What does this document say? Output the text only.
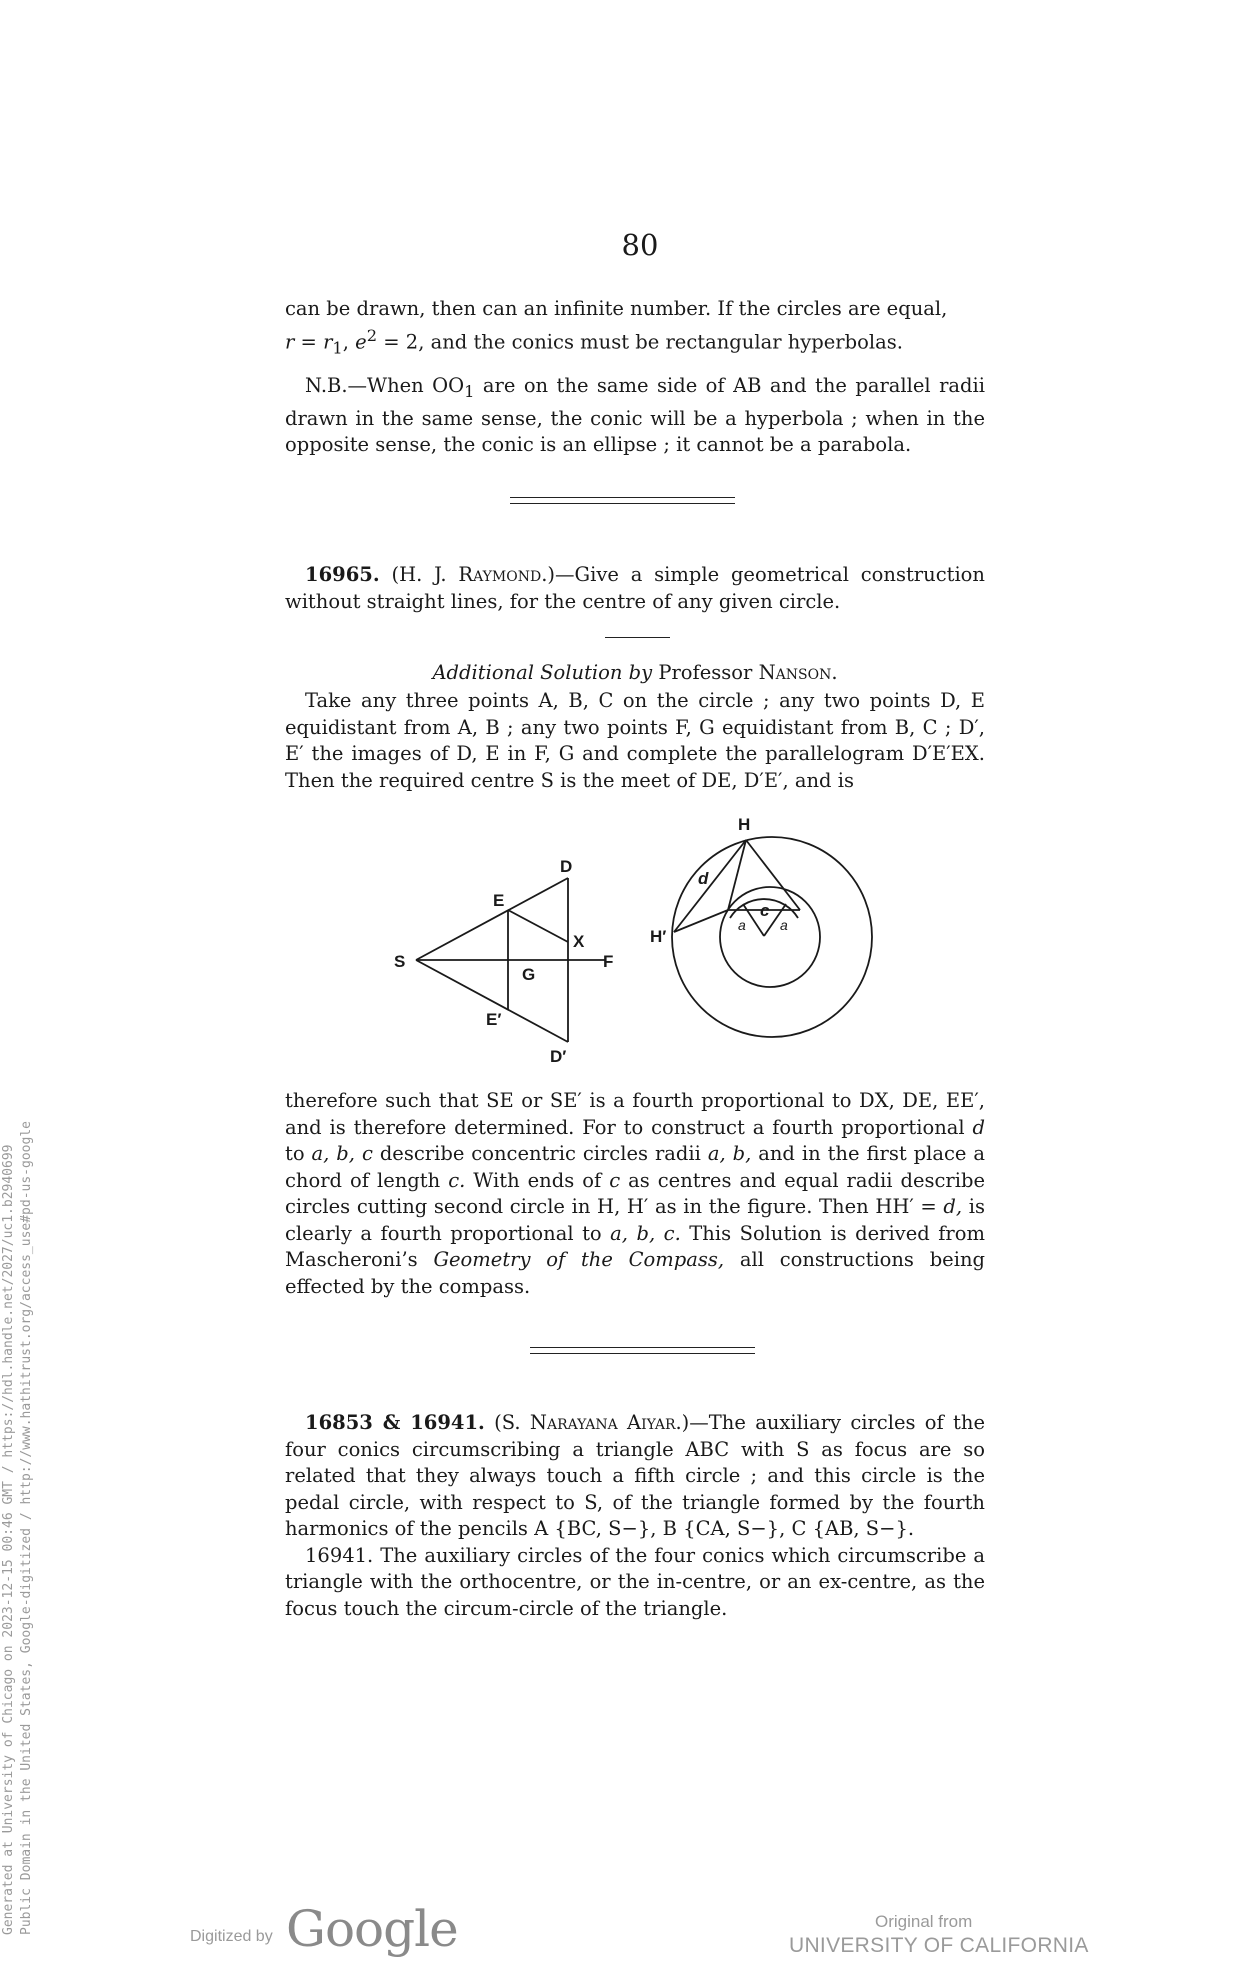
80

can be drawn, then can an infinite number. If the circles are equal,
$r = r_1$, $e^2 = 2$, and the conics must be rectangular hyperbolas.

N.B.—When $OO_1$ are on the same side of AB and the parallel radii drawn in the same sense, the conic will be a hyperbola ; when in the opposite sense, the conic is an ellipse ; it cannot be a parabola.

16965. (H. J. Raymond.)—Give a simple geometrical construction without straight lines, for the centre of any given circle.

Additional Solution by Professor Nanson.

Take any three points A, B, C on the circle ; any two points D, E equidistant from A, B ; any two points F, G equidistant from B, C ; D′, E′ the images of D, E in F, G and complete the parallelogram D′E′EX. Then the required centre S is the meet of DE, D′E′, and is

S
D
E
X
F
G
E′
D′
H
H′
d
c
a a

therefore such that SE or SE′ is a fourth proportional to DX, DE, EE′, and is therefore determined. For to construct a fourth proportional d to a, b, c describe concentric circles radii a, b, and in the first place a chord of length c. With ends of c as centres and equal radii describe circles cutting second circle in H, H′ as in the figure. Then HH′ = d, is clearly a fourth proportional to a, b, c. This Solution is derived from Mascheroni’s Geometry of the Compass, all constructions being effected by the compass.

16853 & 16941. (S. Narayana Aiyar.)—The auxiliary circles of the four conics circumscribing a triangle ABC with S as focus are so related that they always touch a fifth circle ; and this circle is the pedal circle, with respect to S, of the triangle formed by the fourth harmonics of the pencils A {BC, S−}, B {CA, S−}, C {AB, S−}.

16941. The auxiliary circles of the four conics which circumscribe a triangle with the orthocentre, or the in-centre, or an ex-centre, as the focus touch the circum-circle of the triangle.

Generated at University of Chicago on 2023-12-15 00:46 GMT / https://hdl.handle.net/2027/uc1.b2940699 Public Domain in the United States, Google-digitized / http://www.hathitrust.org/access_use#pd-us-google
Digitized by Google	Original from
UNIVERSITY OF CALIFORNIA
